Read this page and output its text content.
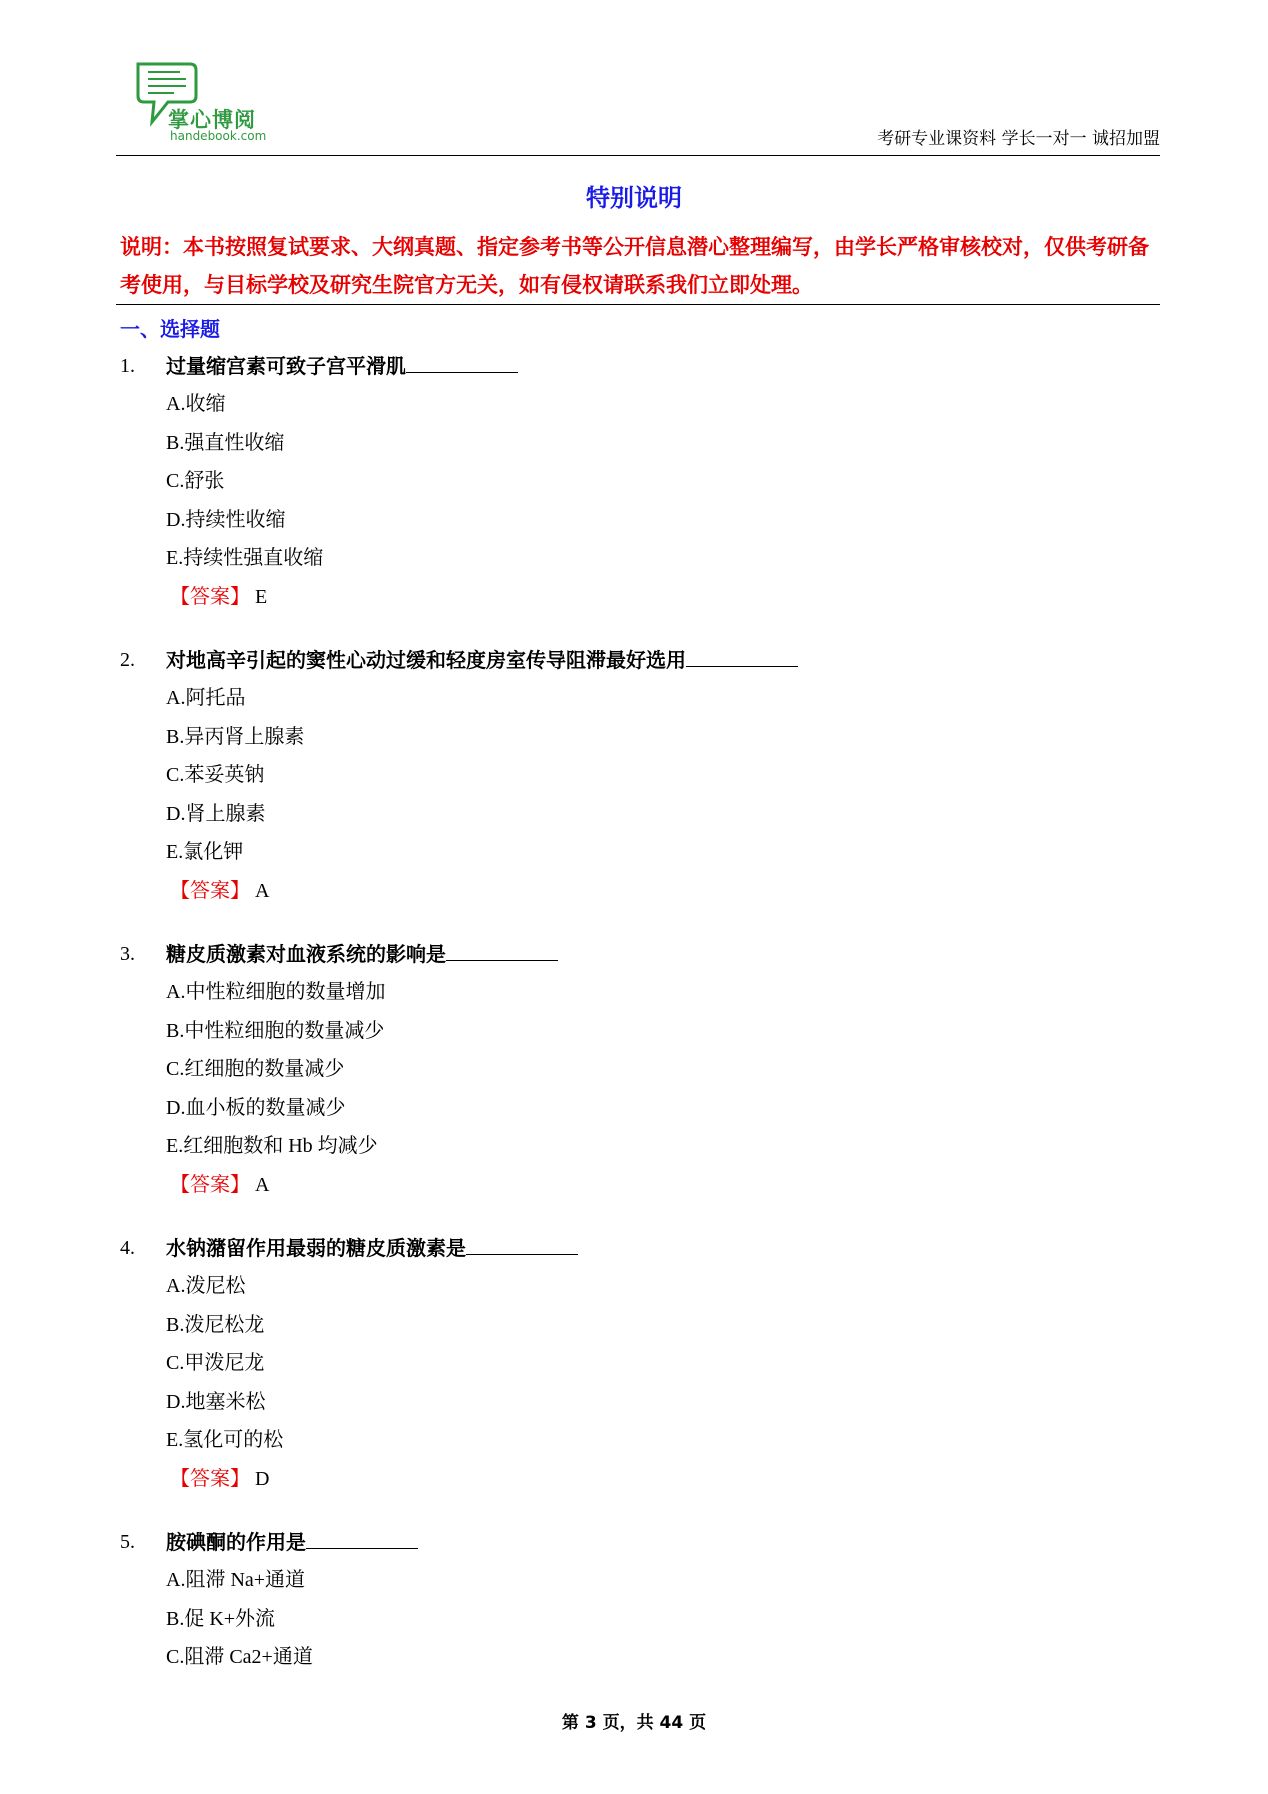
掌心博阅
handebook.com	考研专业课资料 学长一对一 诚招加盟
特别说明
说明：本书按照复试要求、大纲真题、指定参考书等公开信息潜心整理编写，由学长严格审核校对，仅供考研备考使用，与目标学校及研究生院官方无关，如有侵权请联系我们立即处理。
一、选择题
1. 过量缩宫素可致子宫平滑肌
A.收缩
B.强直性收缩
C.舒张
D.持续性收缩
E.持续性强直收缩
【答案】 E
2. 对地高辛引起的窦性心动过缓和轻度房室传导阻滞最好选用
A.阿托品
B.异丙肾上腺素
C.苯妥英钠
D.肾上腺素
E.氯化钾
【答案】 A
3. 糖皮质激素对血液系统的影响是
A.中性粒细胞的数量增加
B.中性粒细胞的数量减少
C.红细胞的数量减少
D.血小板的数量减少
E.红细胞数和 Hb 均减少
【答案】 A
4. 水钠潴留作用最弱的糖皮质激素是
A.泼尼松
B.泼尼松龙
C.甲泼尼龙
D.地塞米松
E.氢化可的松
【答案】 D
5. 胺碘酮的作用是
A.阻滞 Na+通道
B.促 K+外流
C.阻滞 Ca2+通道
第 3 页，共 44 页
